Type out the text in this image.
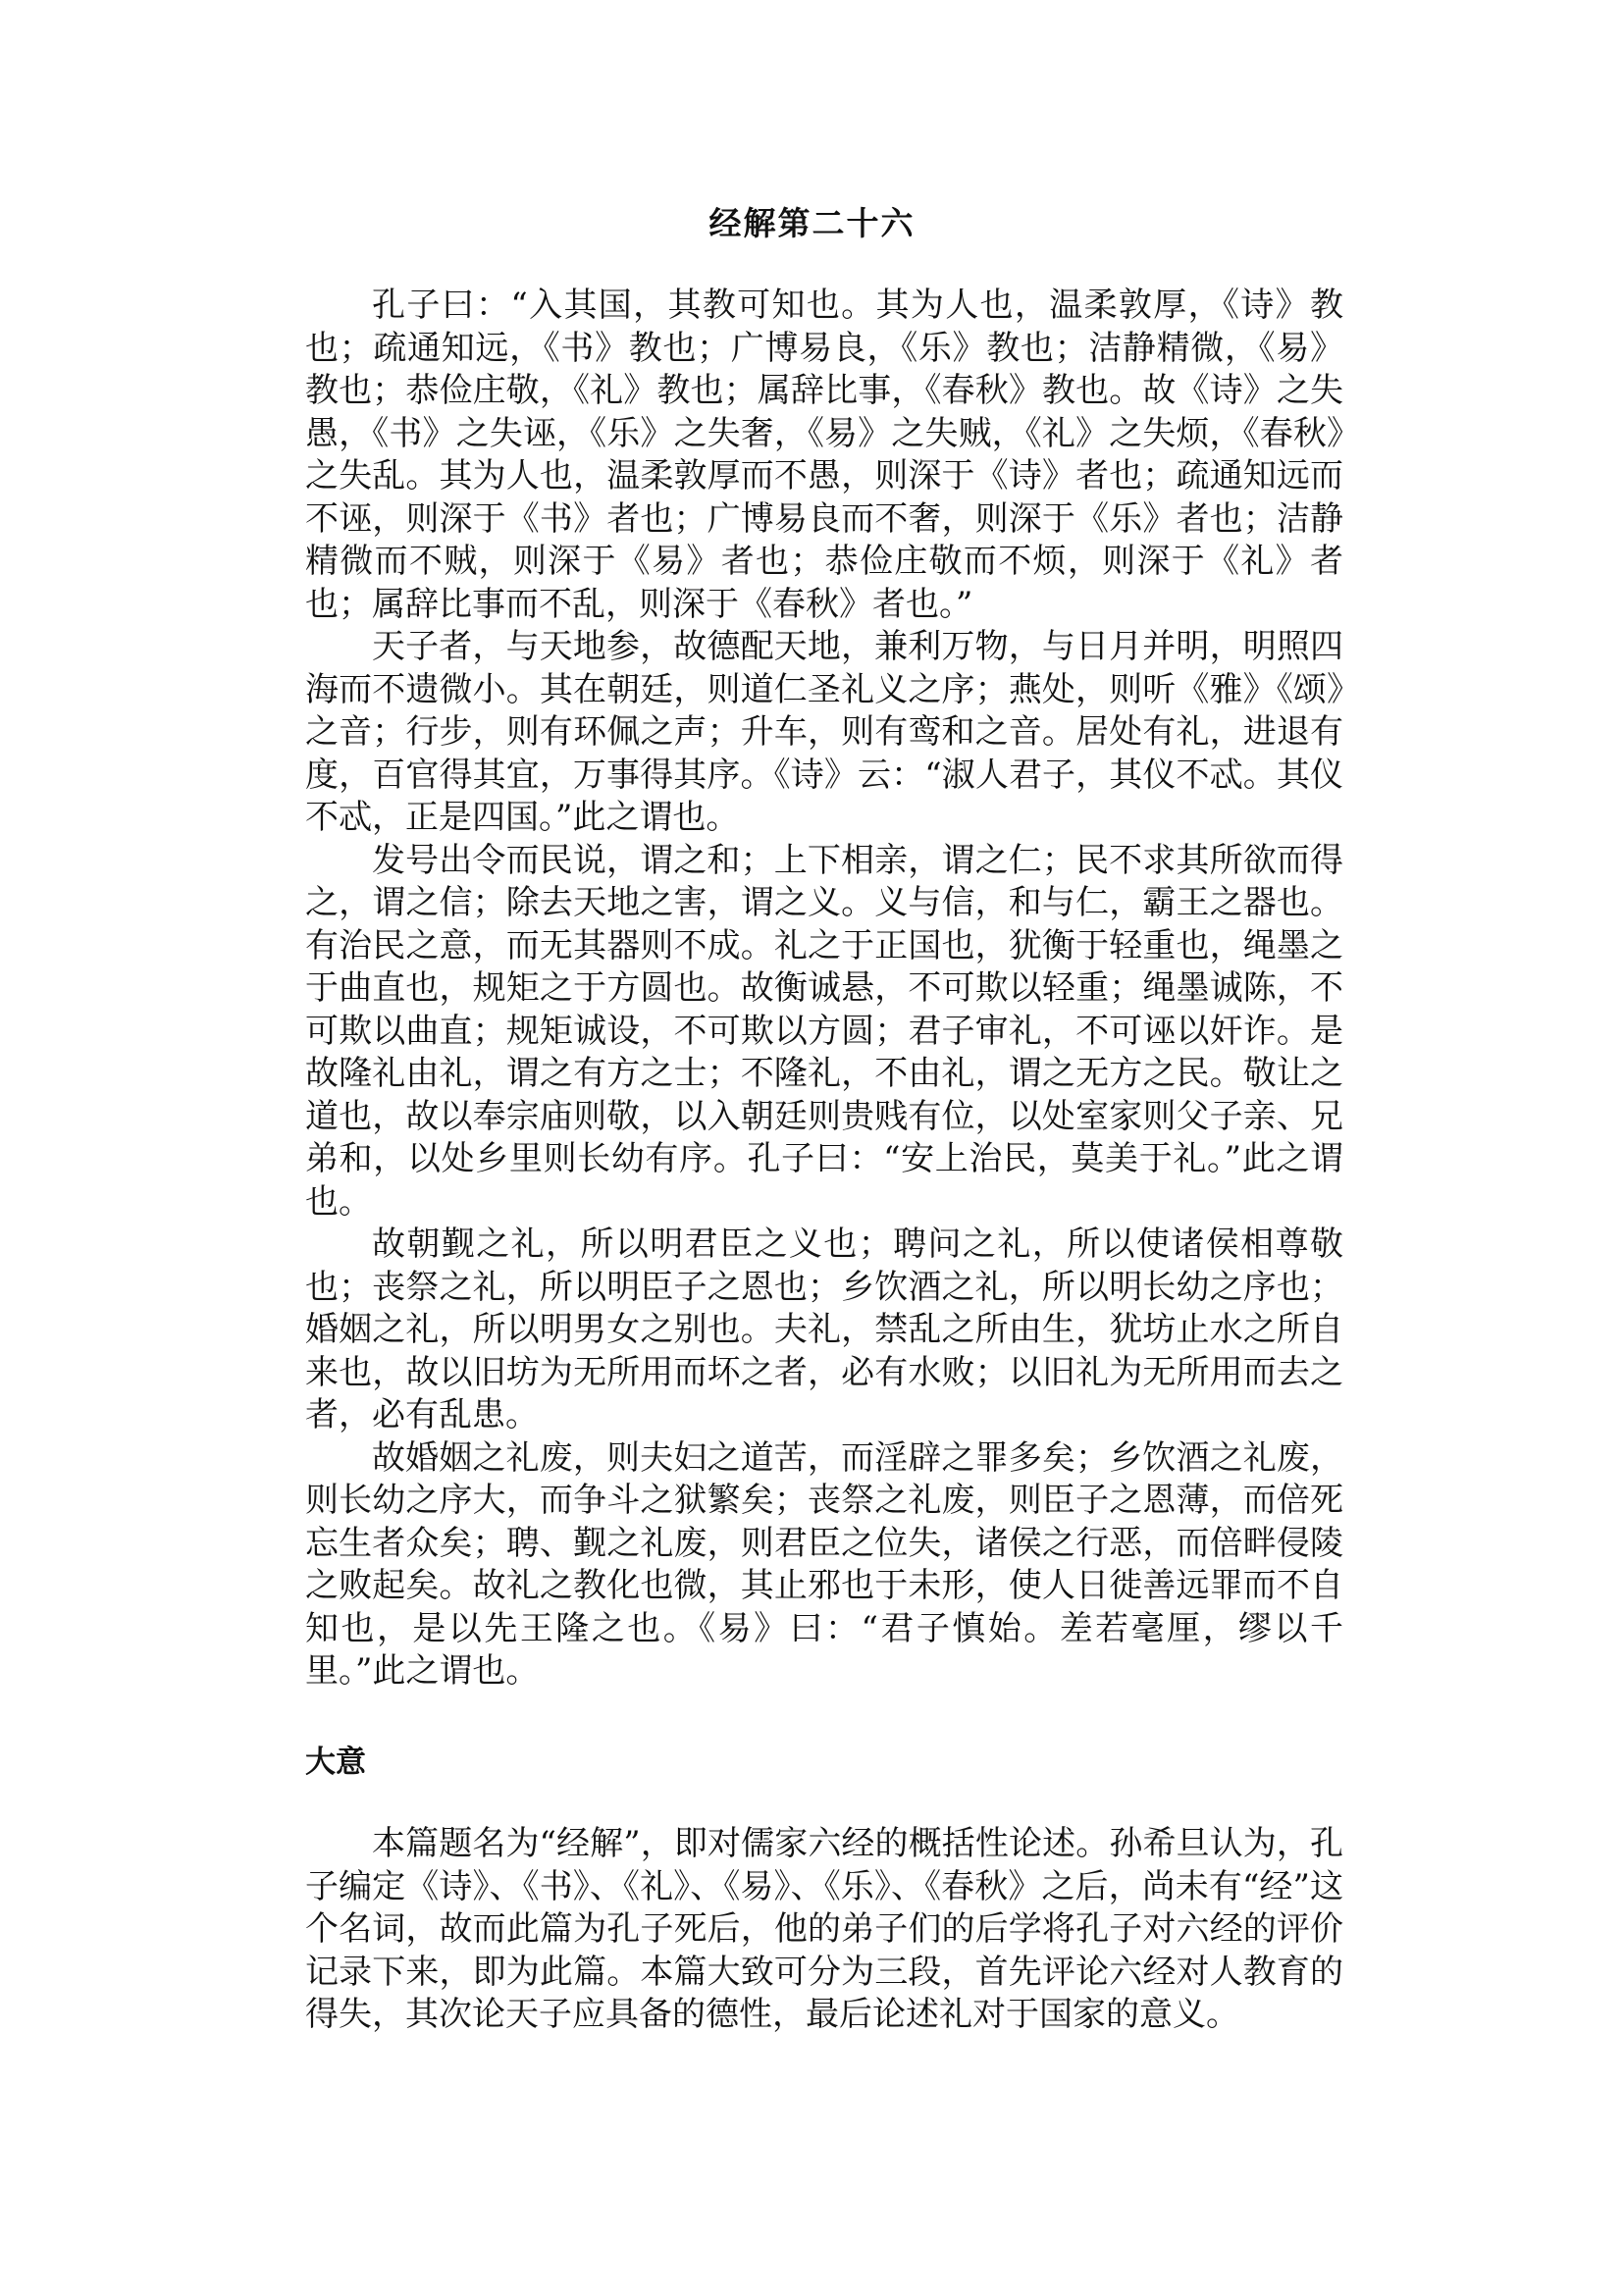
经解第二十六

孔子曰：“入其国，其教可知也。其为人也，温柔敦厚，《诗》教也；疏通知远，《书》教也；广博易良，《乐》教也；洁静精微，《易》教也；恭俭庄敬，《礼》教也；属辞比事，《春秋》教也。故《诗》之失愚，《书》之失诬，《乐》之失奢，《易》之失贼，《礼》之失烦，《春秋》之失乱。其为人也，温柔敦厚而不愚，则深于《诗》者也；疏通知远而不诬，则深于《书》者也；广博易良而不奢，则深于《乐》者也；洁静精微而不贼，则深于《易》者也；恭俭庄敬而不烦，则深于《礼》者也；属辞比事而不乱，则深于《春秋》者也。”

天子者，与天地参，故德配天地，兼利万物，与日月并明，明照四海而不遗微小。其在朝廷，则道仁圣礼义之序；燕处，则听《雅》《颂》之音；行步，则有环佩之声；升车，则有鸾和之音。居处有礼，进退有度，百官得其宜，万事得其序。《诗》云：“淑人君子，其仪不忒。其仪不忒，正是四国。”此之谓也。

发号出令而民说，谓之和；上下相亲，谓之仁；民不求其所欲而得之，谓之信；除去天地之害，谓之义。义与信，和与仁，霸王之器也。有治民之意，而无其器则不成。礼之于正国也，犹衡于轻重也，绳墨之于曲直也，规矩之于方圆也。故衡诚悬，不可欺以轻重；绳墨诚陈，不可欺以曲直；规矩诚设，不可欺以方圆；君子审礼，不可诬以奸诈。是故隆礼由礼，谓之有方之士；不隆礼，不由礼，谓之无方之民。敬让之道也，故以奉宗庙则敬，以入朝廷则贵贱有位，以处室家则父子亲、兄弟和，以处乡里则长幼有序。孔子曰：“安上治民，莫美于礼。”此之谓也。

故朝觐之礼，所以明君臣之义也；聘问之礼，所以使诸侯相尊敬也；丧祭之礼，所以明臣子之恩也；乡饮酒之礼，所以明长幼之序也；婚姻之礼，所以明男女之别也。夫礼，禁乱之所由生，犹坊止水之所自来也，故以旧坊为无所用而坏之者，必有水败；以旧礼为无所用而去之者，必有乱患。

故婚姻之礼废，则夫妇之道苦，而淫辟之罪多矣；乡饮酒之礼废，则长幼之序大，而争斗之狱繁矣；丧祭之礼废，则臣子之恩薄，而倍死忘生者众矣；聘、觐之礼废，则君臣之位失，诸侯之行恶，而倍畔侵陵之败起矣。故礼之教化也微，其止邪也于未形，使人日徙善远罪而不自知也，是以先王隆之也。《易》曰：“君子慎始。差若毫厘，缪以千里。”此之谓也。

大意

本篇题名为“经解”，即对儒家六经的概括性论述。孙希旦认为，孔子编定《诗》、《书》、《礼》、《易》、《乐》、《春秋》之后，尚未有“经”这个名词，故而此篇为孔子死后，他的弟子们的后学将孔子对六经的评价记录下来，即为此篇。本篇大致可分为三段，首先评论六经对人教育的得失，其次论天子应具备的德性，最后论述礼对于国家的意义。
